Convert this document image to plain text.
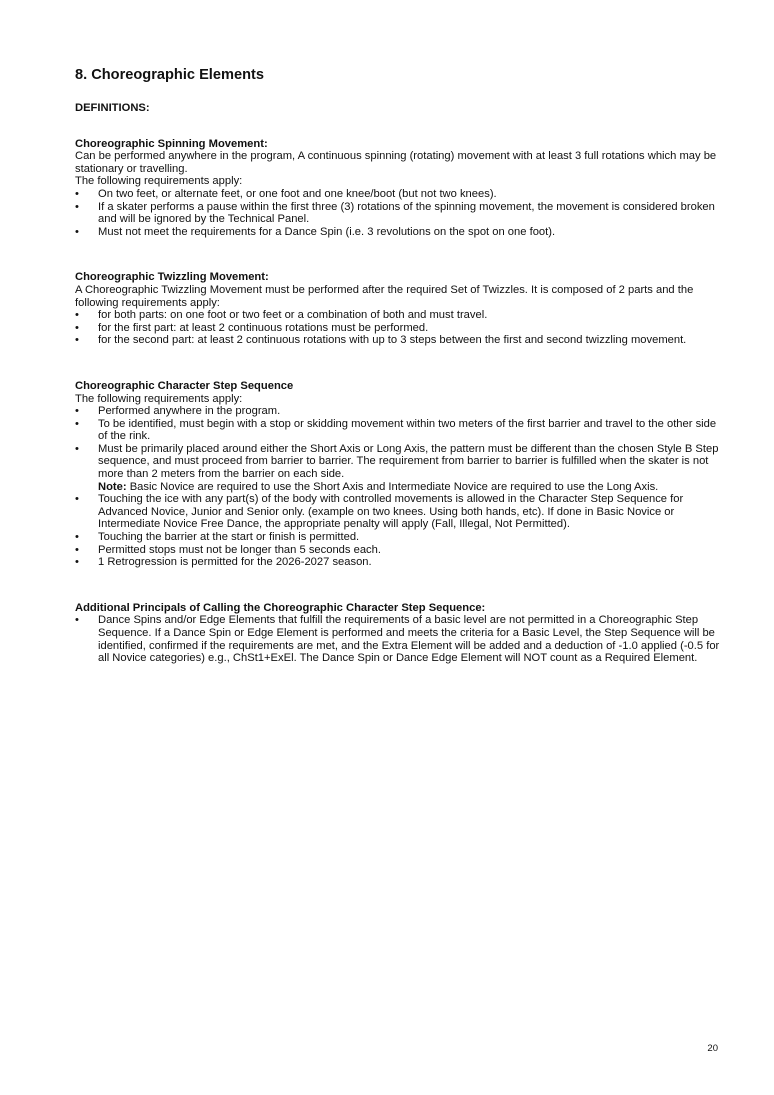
8. Choreographic Elements
DEFINITIONS:

Choreographic Spinning Movement:

Can be performed anywhere in the program, A continuous spinning (rotating) movement with at least 3 full rotations which may be stationary or travelling.

The following requirements apply:

• On two feet, or alternate feet, or one foot and one knee/boot (but not two knees).
• If a skater performs a pause within the first three (3) rotations of the spinning movement, the movement is considered broken and will be ignored by the Technical Panel.
• Must not meet the requirements for a Dance Spin (i.e. 3 revolutions on the spot on one foot).

Choreographic Twizzling Movement:

A Choreographic Twizzling Movement must be performed after the required Set of Twizzles. It is composed of 2 parts and the following requirements apply:

• for both parts: on one foot or two feet or a combination of both and must travel.
• for the first part: at least 2 continuous rotations must be performed.
• for the second part: at least 2 continuous rotations with up to 3 steps between the first and second twizzling movement.

Choreographic Character Step Sequence

The following requirements apply:

• Performed anywhere in the program.
• To be identified, must begin with a stop or skidding movement within two meters of the first barrier and travel to the other side of the rink.
• Must be primarily placed around either the Short Axis or Long Axis, the pattern must be different than the chosen Style B Step sequence, and must proceed from barrier to barrier. The requirement from barrier to barrier is fulfilled when the skater is not more than 2 meters from the barrier on each side.
Note: Basic Novice are required to use the Short Axis and Intermediate Novice are required to use the Long Axis.
• Touching the ice with any part(s) of the body with controlled movements is allowed in the Character Step Sequence for Advanced Novice, Junior and Senior only. (example on two knees. Using both hands, etc). If done in Basic Novice or Intermediate Novice Free Dance, the appropriate penalty will apply (Fall, Illegal, Not Permitted).
• Touching the barrier at the start or finish is permitted.
• Permitted stops must not be longer than 5 seconds each.
• 1 Retrogression is permitted for the 2026-2027 season.

Additional Principals of Calling the Choreographic Character Step Sequence:

• Dance Spins and/or Edge Elements that fulfill the requirements of a basic level are not permitted in a Choreographic Step Sequence. If a Dance Spin or Edge Element is performed and meets the criteria for a Basic Level, the Step Sequence will be identified, confirmed if the requirements are met, and the Extra Element will be added and a deduction of -1.0 applied (-0.5 for all Novice categories) e.g., ChSt1+ExEl. The Dance Spin or Dance Edge Element will NOT count as a Required Element.
20
